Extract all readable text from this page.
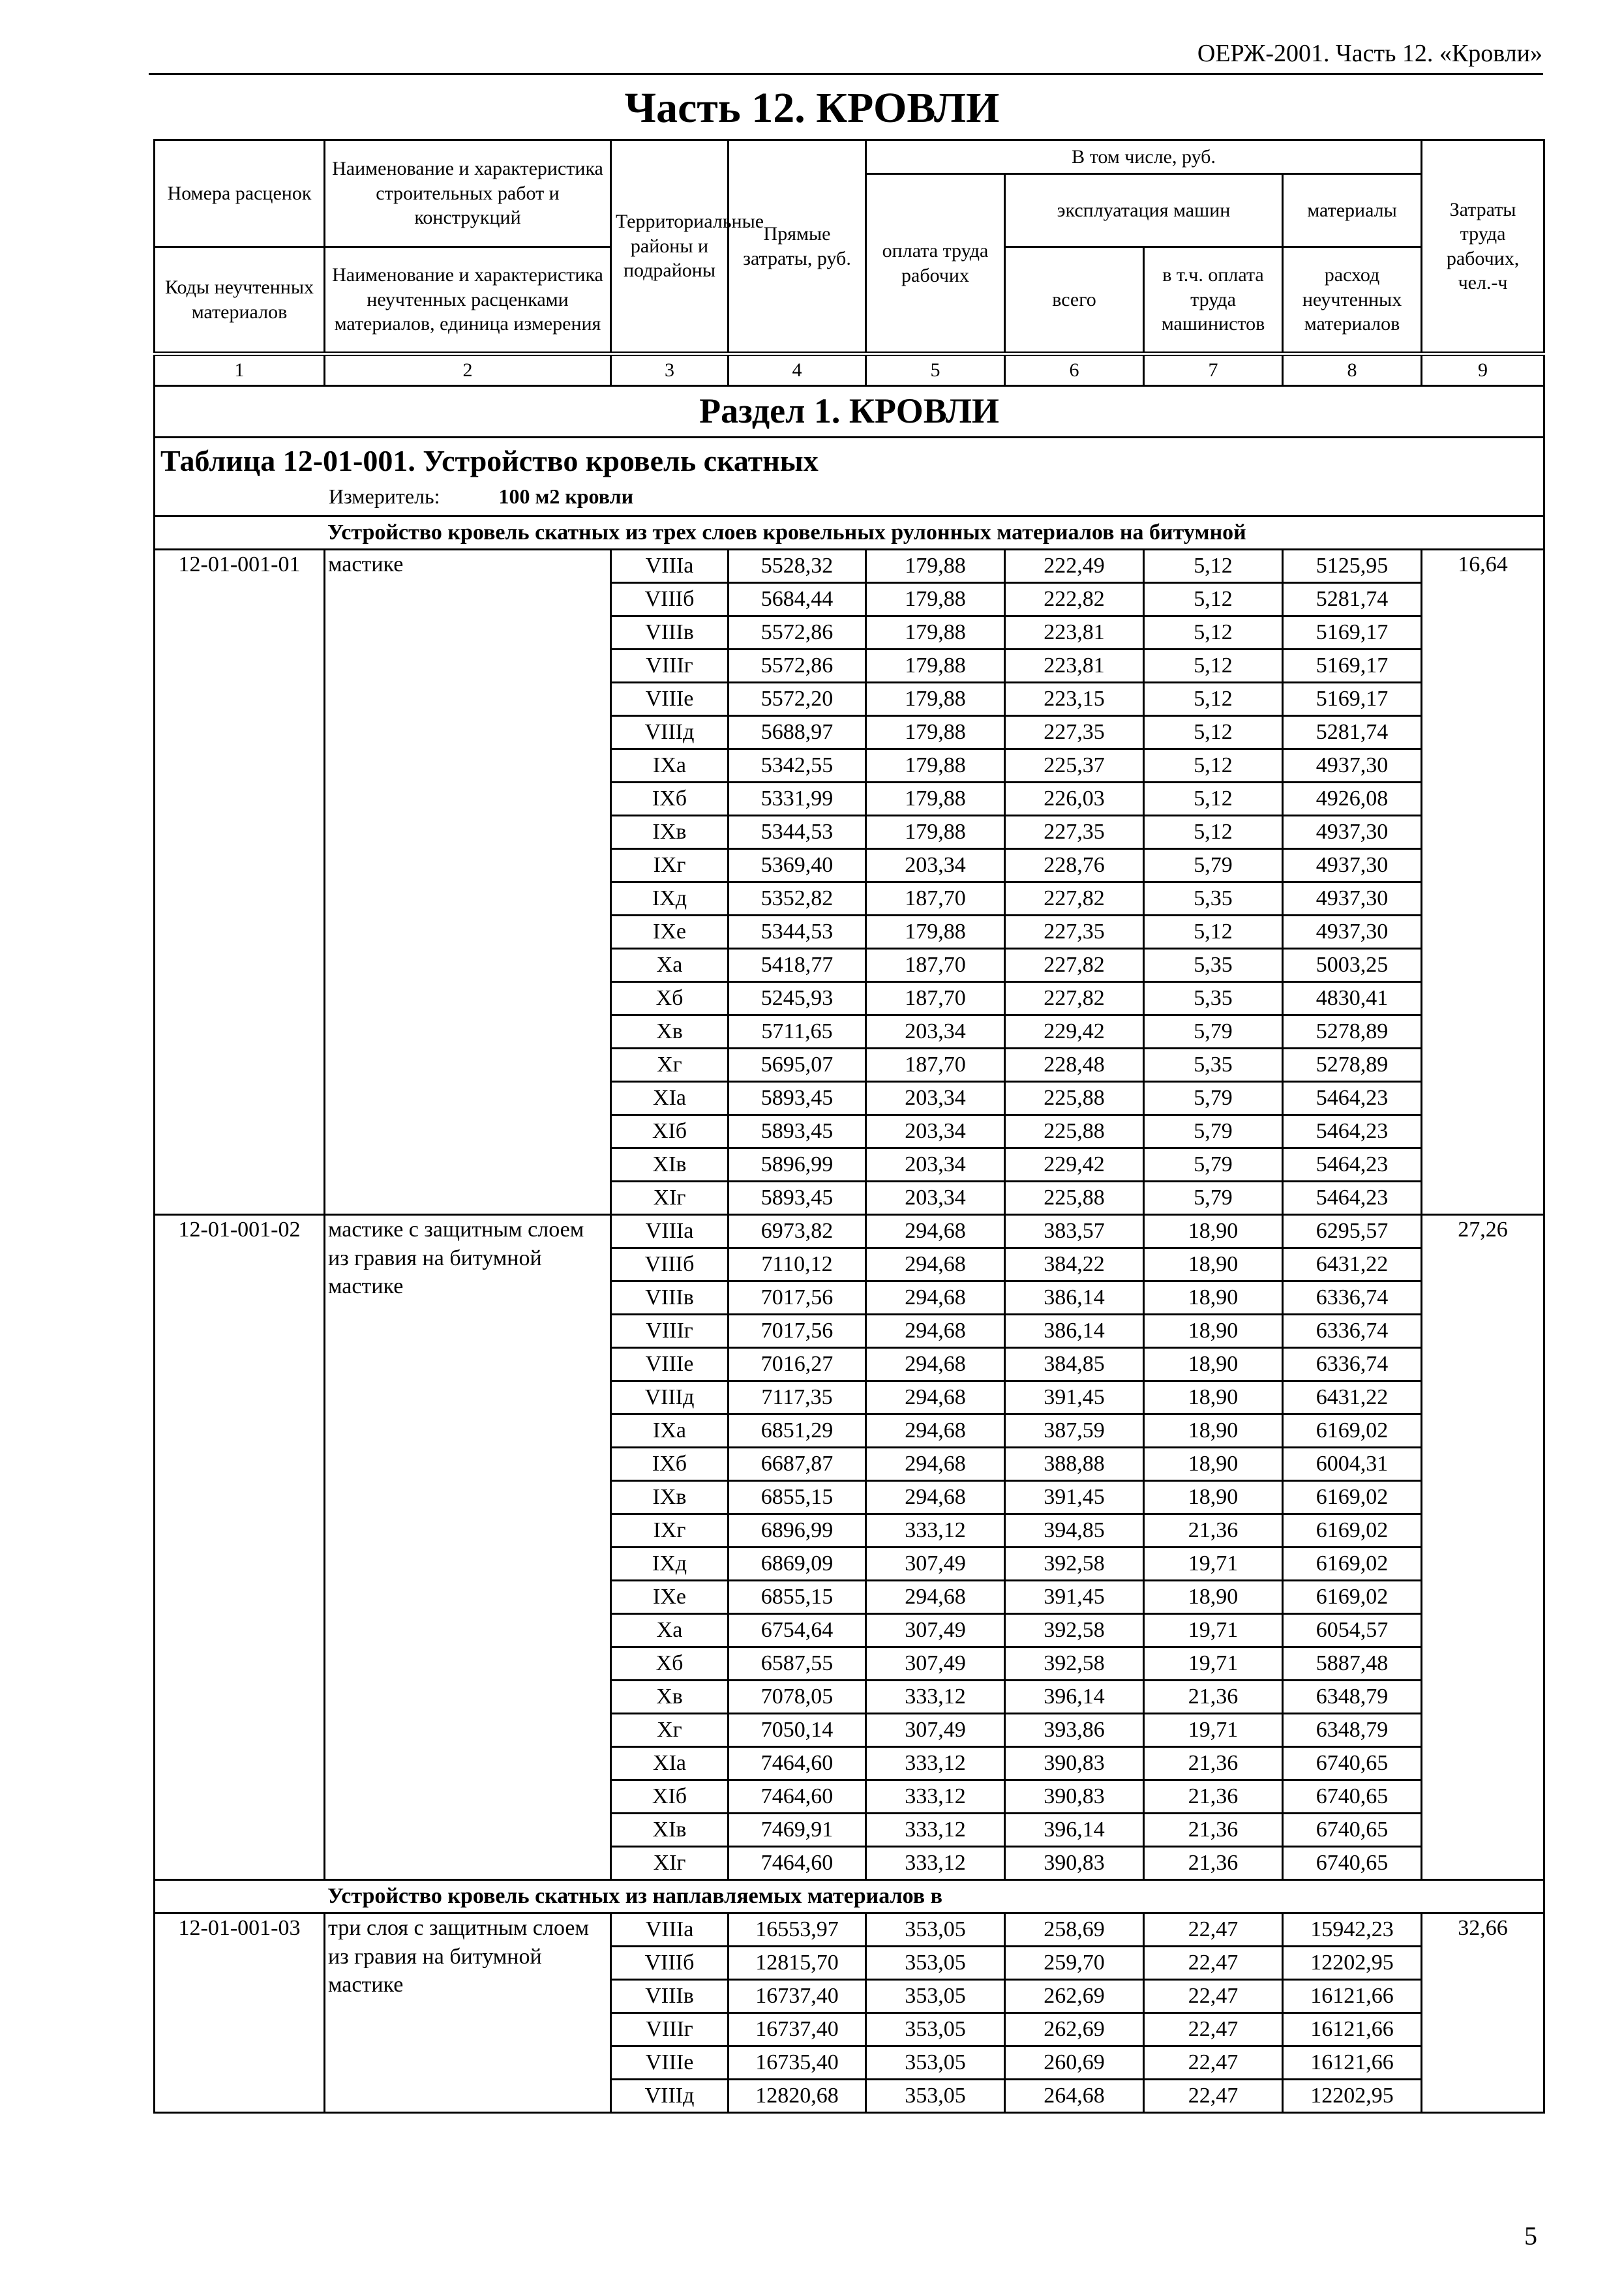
ОЕРЖ-2001. Часть 12. «Кровли»
Часть 12. КРОВЛИ
Номера расценок	Наименование и характеристика строительных работ и конструкций	Территориальные районы и подрайоны	Прямые затраты, руб.	В том числе, руб.				Затраты труда рабочих, чел.-ч
				оплата труда рабочих	эксплуатация машин		материалы	
Коды неучтенных материалов	Наименование и характеристика неучтенных расценками материалов, единица измерения				всего	в т.ч. оплата труда машинистов	расход неучтенных материалов	
1	2	3	4	5	6	7	8	9
Раздел 1. КРОВЛИ								

Таблица 12-01-001. Устройство кровель скатных
Измеритель: 100 м2 кровли								

Устройство кровель скатных из трех слоев кровельных рулонных материалов на битумной								
12-01-001-01	мастике	VIIIа	5528,32	179,88	222,49	5,12	5125,95	16,64
		VIIIб	5684,44	179,88	222,82	5,12	5281,74	
		VIIIв	5572,86	179,88	223,81	5,12	5169,17	
		VIIIг	5572,86	179,88	223,81	5,12	5169,17	
		VIIIе	5572,20	179,88	223,15	5,12	5169,17	
		VIIIд	5688,97	179,88	227,35	5,12	5281,74	
		IXа	5342,55	179,88	225,37	5,12	4937,30	
		IXб	5331,99	179,88	226,03	5,12	4926,08	
		IXв	5344,53	179,88	227,35	5,12	4937,30	
		IXг	5369,40	203,34	228,76	5,79	4937,30	
		IXд	5352,82	187,70	227,82	5,35	4937,30	
		IXе	5344,53	179,88	227,35	5,12	4937,30	
		Xа	5418,77	187,70	227,82	5,35	5003,25	
		Xб	5245,93	187,70	227,82	5,35	4830,41	
		Xв	5711,65	203,34	229,42	5,79	5278,89	
		Xг	5695,07	187,70	228,48	5,35	5278,89	
		XIа	5893,45	203,34	225,88	5,79	5464,23	
		XIб	5893,45	203,34	225,88	5,79	5464,23	
		XIв	5896,99	203,34	229,42	5,79	5464,23	
		XIг	5893,45	203,34	225,88	5,79	5464,23	
12-01-001-02	мастике с защитным слоем из гравия на битумной мастике	VIIIа	6973,82	294,68	383,57	18,90	6295,57	27,26
		VIIIб	7110,12	294,68	384,22	18,90	6431,22	
		VIIIв	7017,56	294,68	386,14	18,90	6336,74	
		VIIIг	7017,56	294,68	386,14	18,90	6336,74	
		VIIIе	7016,27	294,68	384,85	18,90	6336,74	
		VIIIд	7117,35	294,68	391,45	18,90	6431,22	
		IXа	6851,29	294,68	387,59	18,90	6169,02	
		IXб	6687,87	294,68	388,88	18,90	6004,31	
		IXв	6855,15	294,68	391,45	18,90	6169,02	
		IXг	6896,99	333,12	394,85	21,36	6169,02	
		IXд	6869,09	307,49	392,58	19,71	6169,02	
		IXе	6855,15	294,68	391,45	18,90	6169,02	
		Xа	6754,64	307,49	392,58	19,71	6054,57	
		Xб	6587,55	307,49	392,58	19,71	5887,48	
		Xв	7078,05	333,12	396,14	21,36	6348,79	
		Xг	7050,14	307,49	393,86	19,71	6348,79	
		XIа	7464,60	333,12	390,83	21,36	6740,65	
		XIб	7464,60	333,12	390,83	21,36	6740,65	
		XIв	7469,91	333,12	396,14	21,36	6740,65	
		XIг	7464,60	333,12	390,83	21,36	6740,65	
Устройство кровель скатных из наплавляемых материалов в								
12-01-001-03	три слоя с защитным слоем из гравия на битумной мастике	VIIIа	16553,97	353,05	258,69	22,47	15942,23	32,66
		VIIIб	12815,70	353,05	259,70	22,47	12202,95	
		VIIIв	16737,40	353,05	262,69	22,47	16121,66	
		VIIIг	16737,40	353,05	262,69	22,47	16121,66	
		VIIIе	16735,40	353,05	260,69	22,47	16121,66	
		VIIIд	12820,68	353,05	264,68	22,47	12202,95	
5
